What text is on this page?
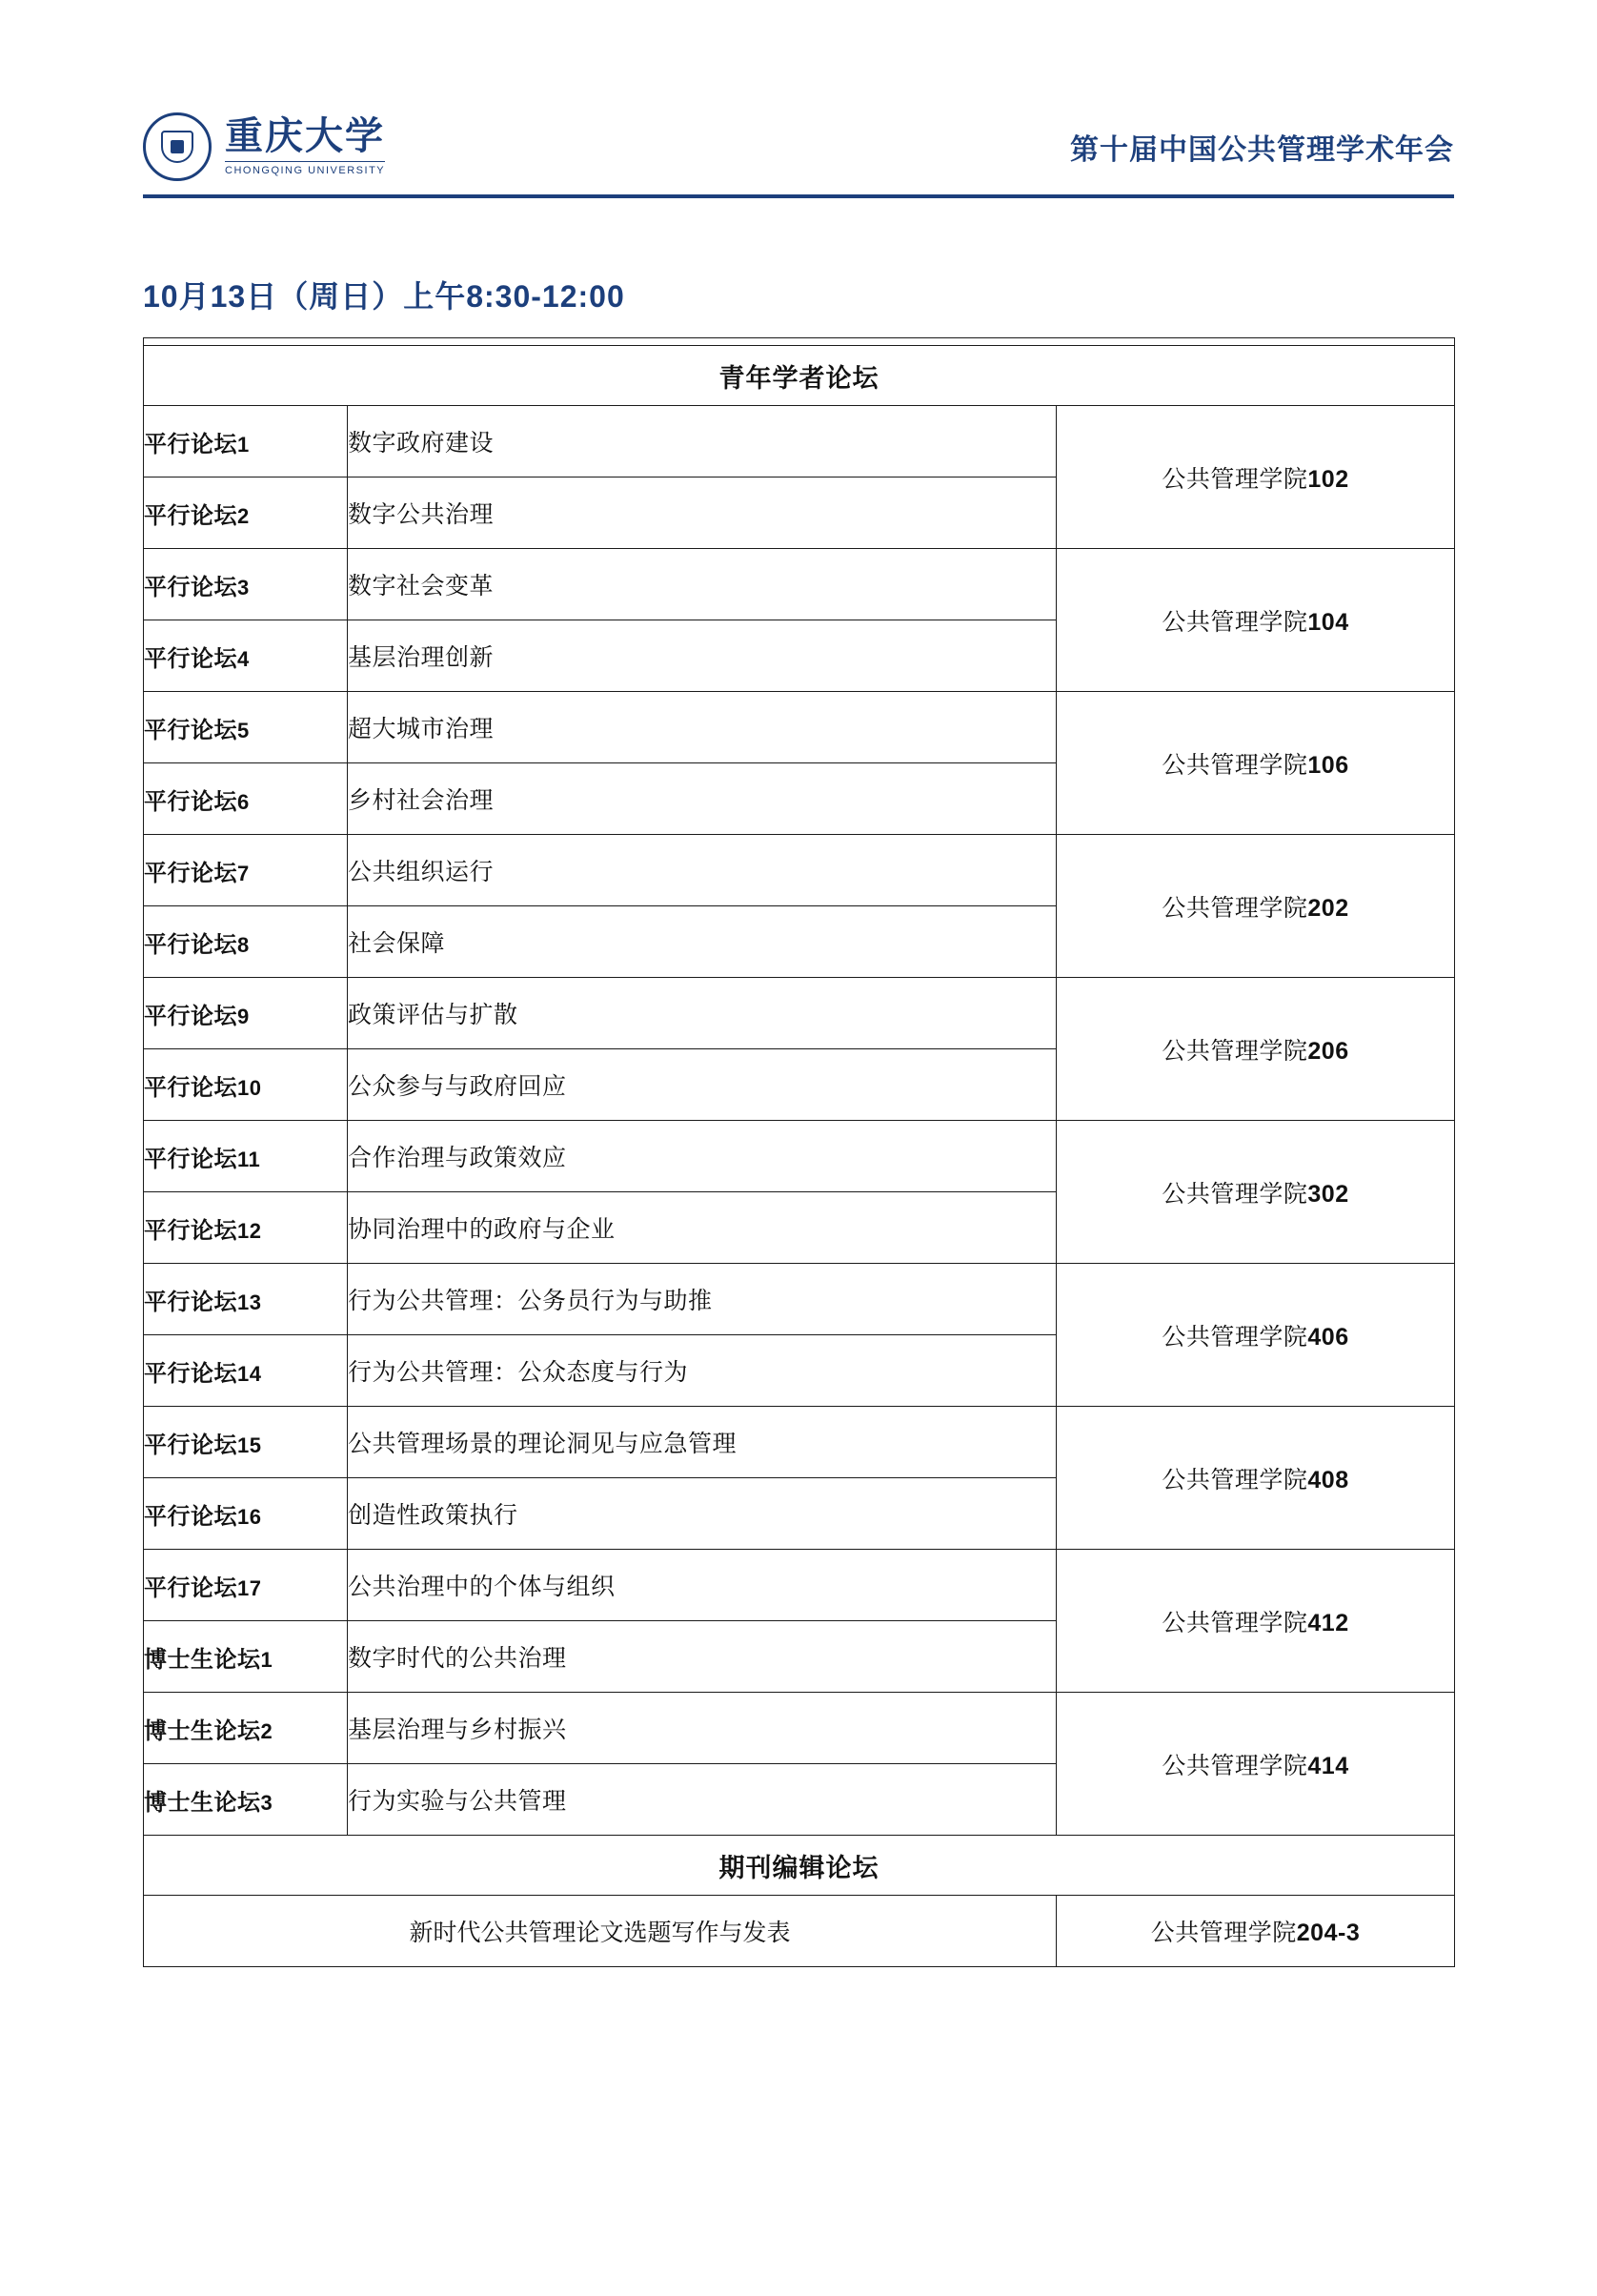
重庆大学
CHONGQING UNIVERSITY
第十届中国公共管理学术年会
10月13日（周日）上午8:30-12:00

青年学者论坛		
平行论坛1	数字政府建设	公共管理学院102
平行论坛2	数字公共治理	
平行论坛3	数字社会变革	公共管理学院104
平行论坛4	基层治理创新	
平行论坛5	超大城市治理	公共管理学院106
平行论坛6	乡村社会治理	
平行论坛7	公共组织运行	公共管理学院202
平行论坛8	社会保障	
平行论坛9	政策评估与扩散	公共管理学院206
平行论坛10	公众参与与政府回应	
平行论坛11	合作治理与政策效应	公共管理学院302
平行论坛12	协同治理中的政府与企业	
平行论坛13	行为公共管理：公务员行为与助推	公共管理学院406
平行论坛14	行为公共管理：公众态度与行为	
平行论坛15	公共管理场景的理论洞见与应急管理	公共管理学院408
平行论坛16	创造性政策执行	
平行论坛17	公共治理中的个体与组织	公共管理学院412
博士生论坛1	数字时代的公共治理	
博士生论坛2	基层治理与乡村振兴	公共管理学院414
博士生论坛3	行为实验与公共管理	
期刊编辑论坛		
新时代公共管理论文选题写作与发表		公共管理学院204-3
